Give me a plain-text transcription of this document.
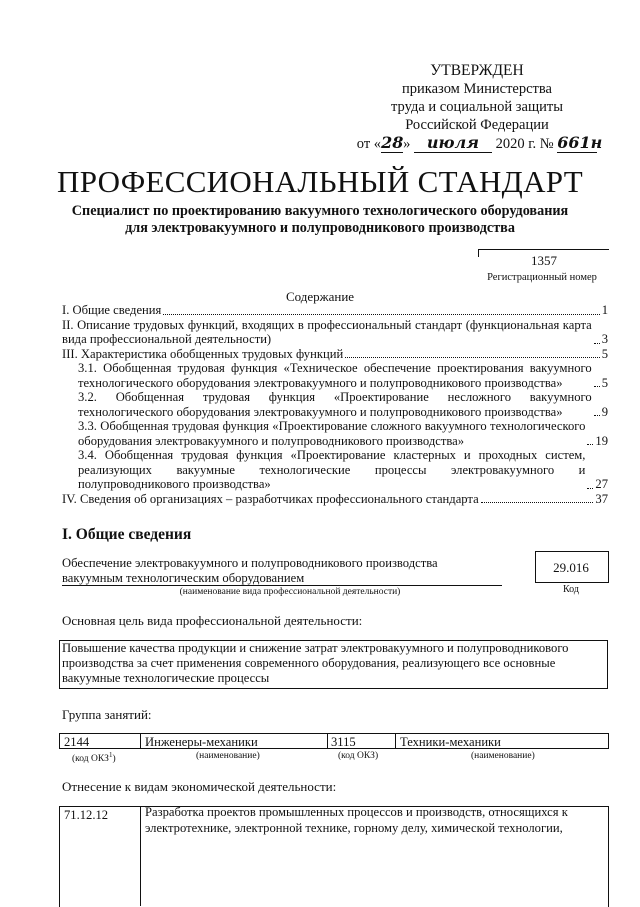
УТВЕРЖДЕН
приказом Министерства
труда и социальной защиты
Российской Федерации
от «28» июля 2020 г. № 661н
ПРОФЕССИОНАЛЬНЫЙ СТАНДАРТ
Специалист по проектированию вакуумного технологического оборудования
для электровакуумного и полупроводникового производства
1357
Регистрационный номер
Содержание
I. Общие сведения	1
II. Описание трудовых функций, входящих в профессиональный стандарт (функциональная карта вида профессиональной деятельности)	3
III. Характеристика обобщенных трудовых функций	5
3.1. Обобщенная трудовая функция «Техническое обеспечение проектирования вакуумного технологического оборудования электровакуумного и полупроводникового производства»	5
3.2. Обобщенная трудовая функция «Проектирование несложного вакуумного технологического оборудования электровакуумного и полупроводникового производства»	9
3.3. Обобщенная трудовая функция «Проектирование сложного вакуумного технологического оборудования электровакуумного и полупроводникового производства»	19
3.4. Обобщенная трудовая функция «Проектирование кластерных и проходных систем, реализующих вакуумные технологические процессы электровакуумного и полупроводникового производства»	27
IV. Сведения об организациях – разработчиках профессионального стандарта	37
I. Общие сведения
Обеспечение электровакуумного и полупроводникового производства
вакуумным технологическим оборудованием
(наименование вида профессиональной деятельности)
29.016
Код
Основная цель вида профессиональной деятельности:
Повышение качества продукции и снижение затрат электровакуумного и полупроводникового производства за счет применения современного оборудования, реализующего все основные вакуумные технологические процессы
Группа занятий:
2144	Инженеры-механики	3115	Техники-механики
(код ОКЗ$^1$)	(наименование)	(код ОКЗ)	(наименование)
Отнесение к видам экономической деятельности:
71.12.12	Разработка проектов промышленных процессов и производств, относящихся к электротехнике, электронной технике, горному делу, химической технологии,
